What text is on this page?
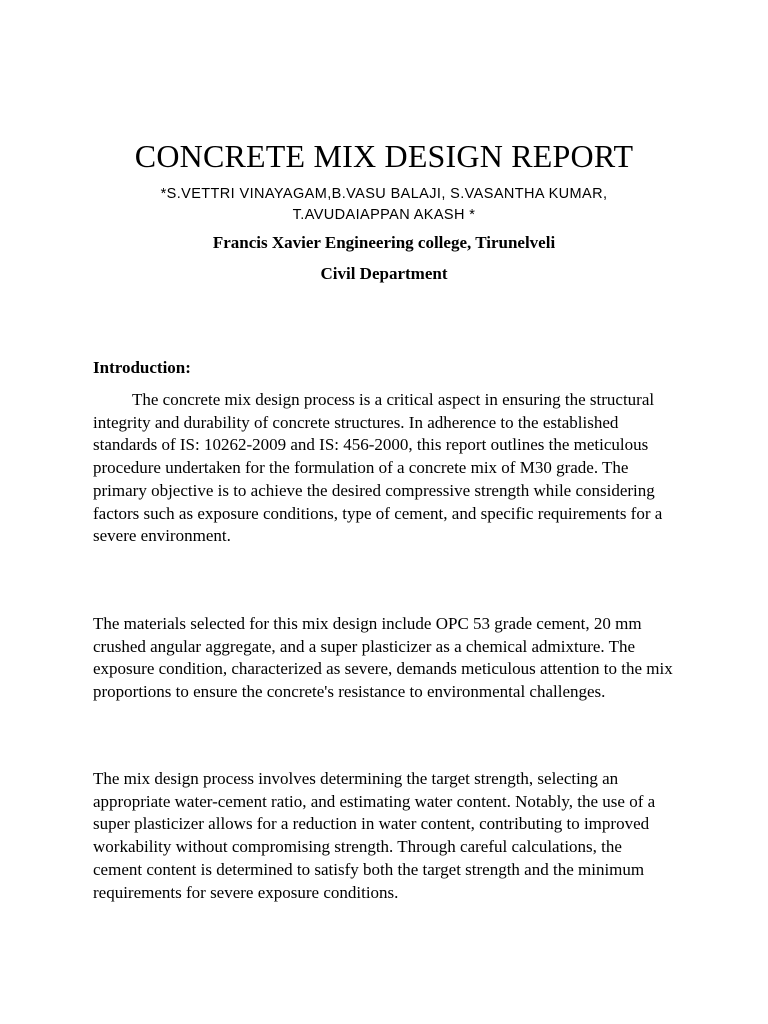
CONCRETE MIX DESIGN REPORT
*S.VETTRI VINAYAGAM,B.VASU BALAJI, S.VASANTHA KUMAR,
T.AVUDAIAPPAN AKASH *
Francis Xavier Engineering college, Tirunelveli
Civil Department
Introduction:

The concrete mix design process is a critical aspect in ensuring the structural integrity and durability of concrete structures. In adherence to the established standards of IS: 10262-2009 and IS: 456-2000, this report outlines the meticulous procedure undertaken for the formulation of a concrete mix of M30 grade. The primary objective is to achieve the desired compressive strength while considering factors such as exposure conditions, type of cement, and specific requirements for a severe environment.

The materials selected for this mix design include OPC 53 grade cement, 20 mm crushed angular aggregate, and a super plasticizer as a chemical admixture. The exposure condition, characterized as severe, demands meticulous attention to the mix proportions to ensure the concrete's resistance to environmental challenges.

The mix design process involves determining the target strength, selecting an appropriate water-cement ratio, and estimating water content. Notably, the use of a super plasticizer allows for a reduction in water content, contributing to improved workability without compromising strength. Through careful calculations, the cement content is determined to satisfy both the target strength and the minimum requirements for severe exposure conditions.
